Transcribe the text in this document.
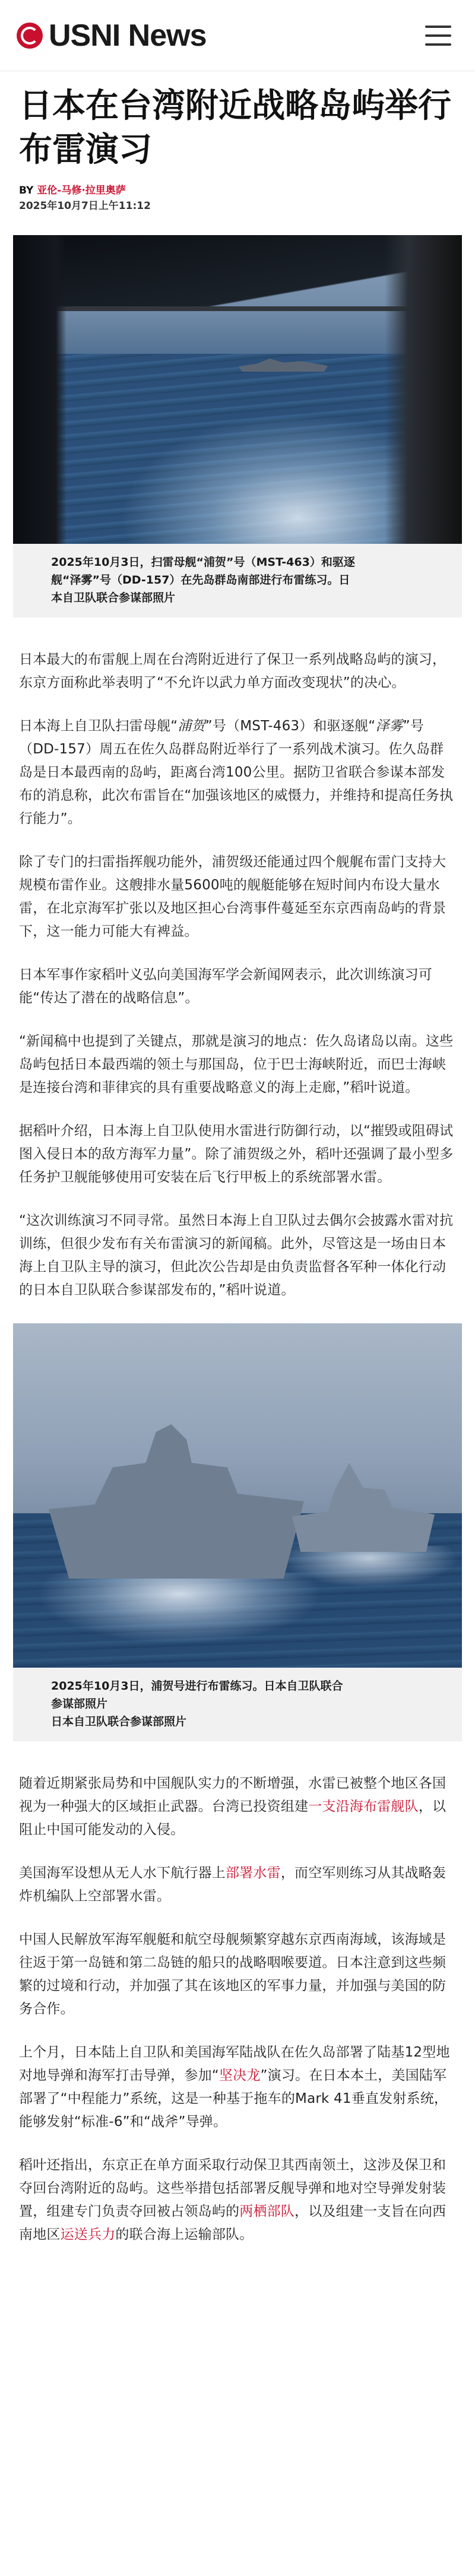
USNI News
日本在台湾附近战略岛屿举行布雷演习
BY 亚伦-马修·拉里奥萨
2025年10月7日上午11:12
2025年10月3日，扫雷母舰“浦贺”号（MST-463）和驱逐
舰“泽雾”号（DD-157）在先岛群岛南部进行布雷练习。日
本自卫队联合参谋部照片

日本最大的布雷舰上周在台湾附近进行了保卫一系列战略岛屿的演习，东京方面称此举表明了“不允许以武力单方面改变现状”的决心。

日本海上自卫队扫雷母舰“浦贺”号（MST-463）和驱逐舰“泽雾”号（DD-157）周五在佐久岛群岛附近举行了一系列战术演习。佐久岛群岛是日本最西南的岛屿，距离台湾100公里。据防卫省联合参谋本部发布的消息称，此次布雷旨在“加强该地区的威慑力，并维持和提高任务执行能力”。

除了专门的扫雷指挥舰功能外，浦贺级还能通过四个舰艉布雷门支持大规模布雷作业。这艘排水量5600吨的舰艇能够在短时间内布设大量水雷，在北京海军扩张以及地区担心台湾事件蔓延至东京西南岛屿的背景下，这一能力可能大有裨益。

日本军事作家稻叶义弘向美国海军学会新闻网表示，此次训练演习可能“传达了潜在的战略信息”。

“新闻稿中也提到了关键点，那就是演习的地点：佐久岛诸岛以南。这些岛屿包括日本最西端的领土与那国岛，位于巴士海峡附近，而巴士海峡是连接台湾和菲律宾的具有重要战略意义的海上走廊，”稻叶说道。

据稻叶介绍，日本海上自卫队使用水雷进行防御行动，以“摧毁或阻碍试图入侵日本的敌方海军力量”。除了浦贺级之外，稻叶还强调了最小型多任务护卫舰能够使用可安装在后飞行甲板上的系统部署水雷。

“这次训练演习不同寻常。虽然日本海上自卫队过去偶尔会披露水雷对抗训练，但很少发布有关布雷演习的新闻稿。此外，尽管这是一场由日本海上自卫队主导的演习，但此次公告却是由负责监督各军种一体化行动的日本自卫队联合参谋部发布的，”稻叶说道。

2025年10月3日，浦贺号进行布雷练习。日本自卫队联合
参谋部照片
日本自卫队联合参谋部照片

随着近期紧张局势和中国舰队实力的不断增强，水雷已被整个地区各国视为一种强大的区域拒止武器。台湾已投资组建一支沿海布雷舰队，以阻止中国可能发动的入侵。

美国海军设想从无人水下航行器上部署水雷，而空军则练习从其战略轰炸机编队上空部署水雷。

中国人民解放军海军舰艇和航空母舰频繁穿越东京西南海域，该海域是往返于第一岛链和第二岛链的船只的战略咽喉要道。日本注意到这些频繁的过境和行动，并加强了其在该地区的军事力量，并加强与美国的防务合作。

上个月，日本陆上自卫队和美国海军陆战队在佐久岛部署了陆基12型地对地导弹和海军打击导弹，参加“坚决龙”演习。在日本本土，美国陆军部署了“中程能力”系统，这是一种基于拖车的Mark 41垂直发射系统，能够发射“标准-6”和“战斧”导弹。

稻叶还指出，东京正在单方面采取行动保卫其西南领土，这涉及保卫和夺回台湾附近的岛屿。这些举措包括部署反舰导弹和地对空导弹发射装置，组建专门负责夺回被占领岛屿的两栖部队，以及组建一支旨在向西南地区运送兵力的联合海上运输部队。
